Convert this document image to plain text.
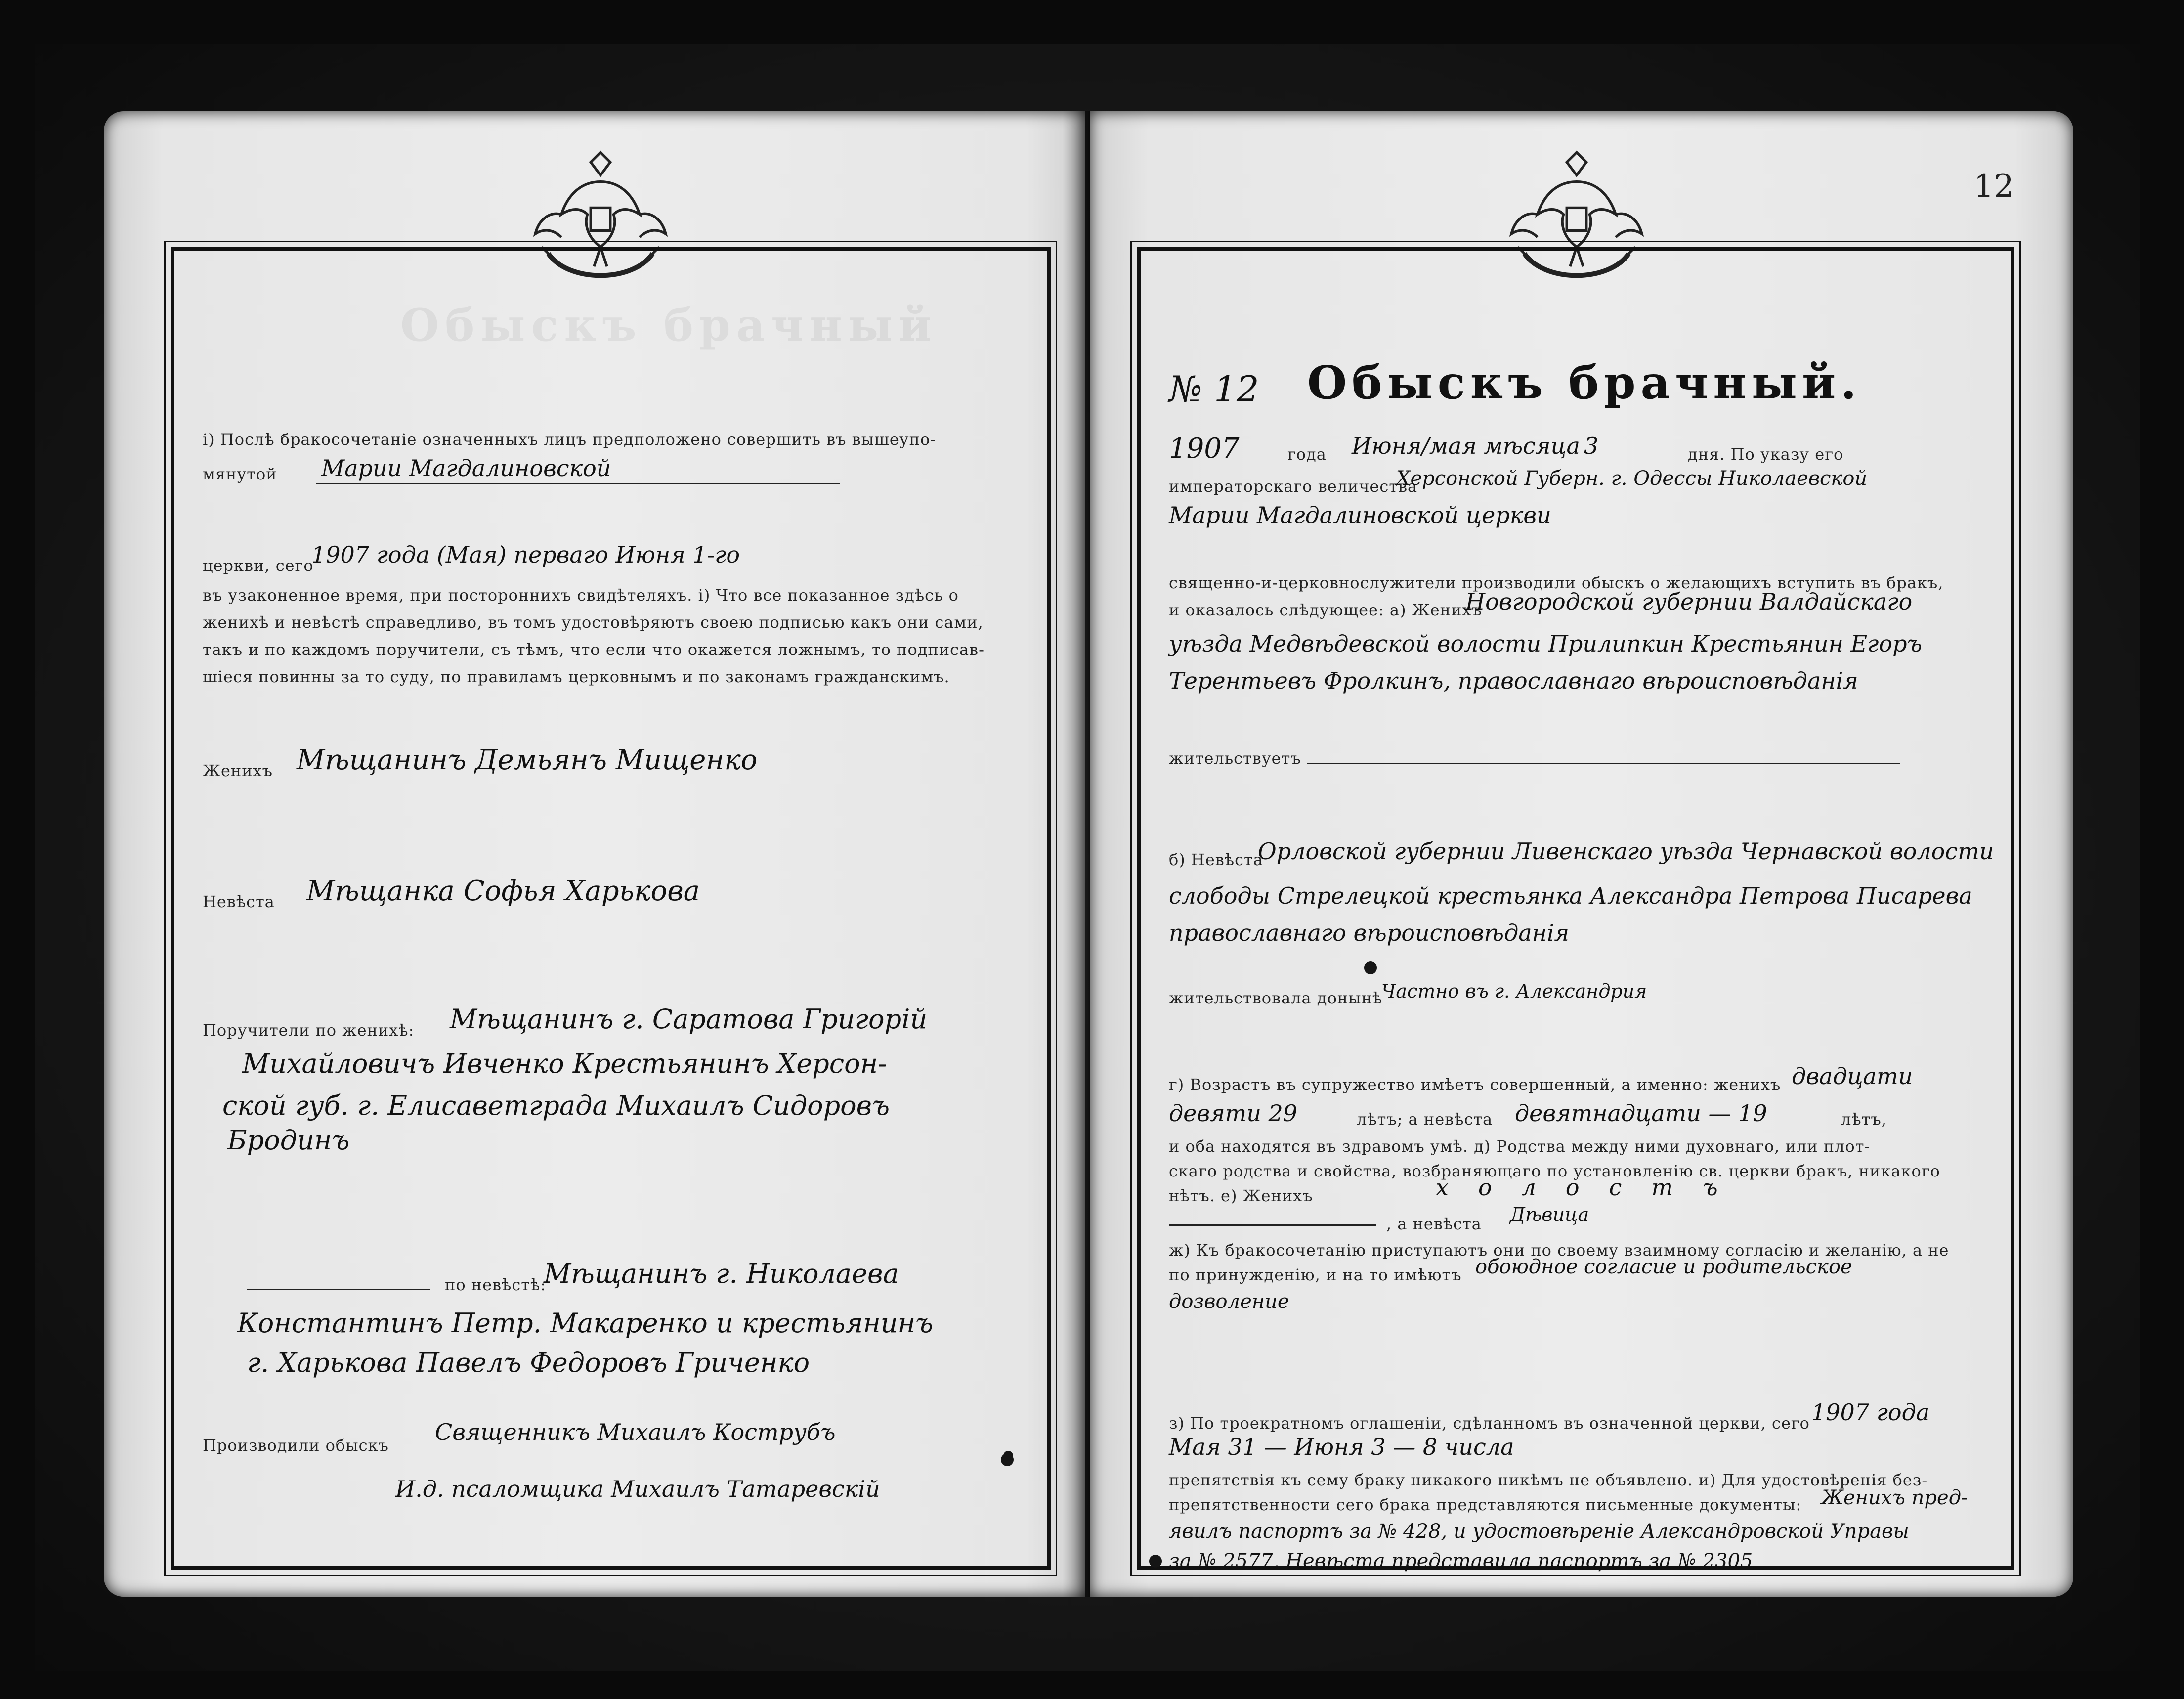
Обыскъ брачный
і) Послѣ бракосочетаніе означенныхъ лицъ предположено совершить въ вышеупо-
мянутой Марии Магдалиновской
церкви, сего
1907 года (Мая) перваго Июня 1-го
въ узаконенное время, при постороннихъ свидѣтеляхъ. і) Что все показанное здѣсь о
женихѣ и невѣстѣ справедливо, въ томъ удостовѣряютъ своею подписью какъ они сами,
такъ и по каждомъ поручители, съ тѣмъ, что если что окажется ложнымъ, то подписав-
шіеся повинны за то суду, по правиламъ церковнымъ и по законамъ гражданскимъ.
Женихъ Мѣщанинъ Демьянъ Мищенко
Невѣста Мѣщанка Софья Харькова
Поручители по женихѣ: Мѣщанинъ г. Саратова Григорій
Михайловичъ Ивченко Крестьянинъ Херсон-
ской губ. г. Елисаветграда Михаилъ Сидоровъ
Бродинъ
по невѣстѣ:
Мѣщанинъ г. Николаева
Константинъ Петр. Макаренко и крестьянинъ
г. Харькова Павелъ Федоровъ Гриченко
Производили обыскъ Священникъ Михаилъ Кострубъ
И.д. псаломщика Михаилъ Татаревскій
12
№ 12 Обыскъ брачный.
1907	года Июня/мая мѣсяца 3	дня. По указу его
императорскаго величества
Херсонской Губерн. г. Одессы Николаевской
Марии Магдалиновской церкви
священно-и-церковнослужители производили обыскъ о желающихъ вступить въ бракъ,
и оказалось слѣдующее: а) Женихъ
Новгородской губернии Валдайскаго
уѣзда Медвѣдевской волости Прилипкин Крестьянин Егоръ
Терентьевъ Фролкинъ, православнаго вѣроисповѣданія
жительствуетъ
б) Невѣста
Орловской губернии Ливенскаго уѣзда Чернавской волости
слободы Стрелецкой крестьянка Александра Петрова Писарева
православнаго вѣроисповѣданія
жительствовала донынѣ
Частно въ г. Александрия
г) Возрастъ въ супружество имѣетъ совершенный, а именно: женихъ двадцати
девяти 29	лѣтъ; а невѣста девятнадцати — 19	лѣтъ,
и оба находятся въ здравомъ умѣ. д) Родства между ними духовнаго, или плот-
скаго родства и свойства, возбраняющаго по установленію св. церкви бракъ, никакого
нѣтъ. е) Женихъ	холостъ
, а невѣста Дѣвица
ж) Къ бракосочетанію приступаютъ они по своему взаимному согласію и желанію, а не
по принужденію, и на то имѣютъ обоюдное согласие и родительское
дозволение
з) По троекратномъ оглашеніи, сдѣланномъ въ означенной церкви, сего 1907 года
Мая 31 — Июня 3 — 8 числа
препятствія къ сему браку никакого никѣмъ не объявлено. и) Для удостовѣренія без-
препятственности сего брака представляются письменные документы: Женихъ пред-
явилъ паспортъ за № 428, и удостовѣреніе Александровской Управы
за № 2577, Невѣста представила паспортъ за № 2305
